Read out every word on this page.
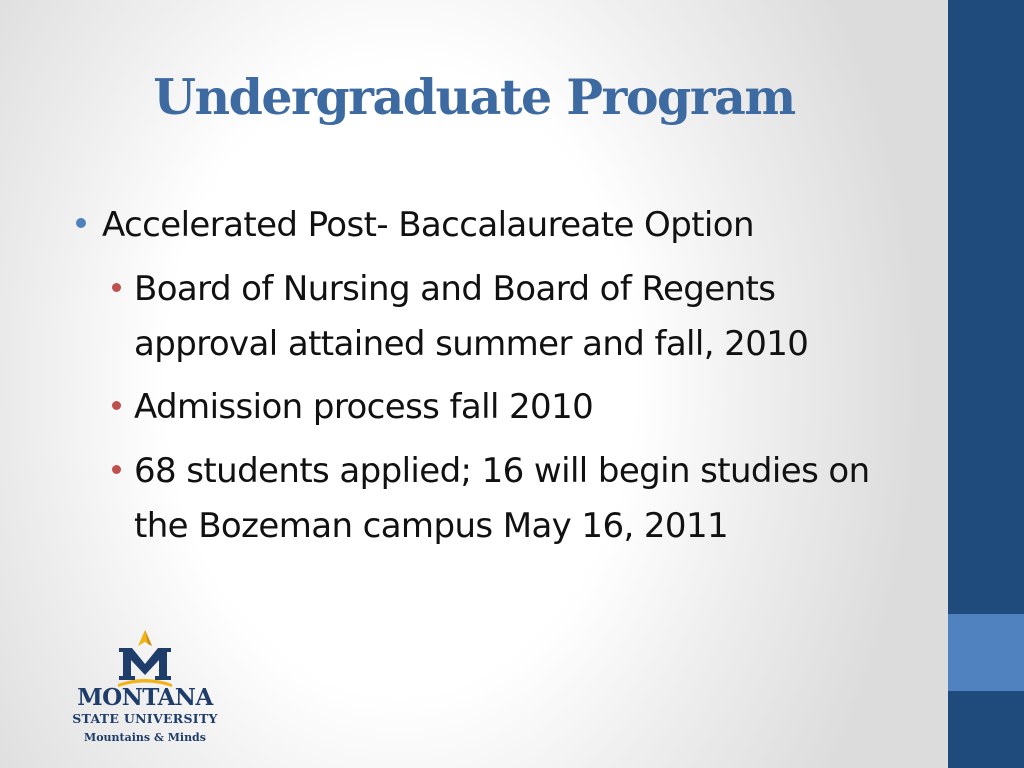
Undergraduate Program
Accelerated Post- Baccalaureate Option
Board of Nursing and Board of Regents approval attained summer and fall, 2010
Admission process fall 2010
68 students applied; 16 will begin studies on the Bozeman campus May 16, 2011
MONTANA
STATE UNIVERSITY
Mountains & Minds
